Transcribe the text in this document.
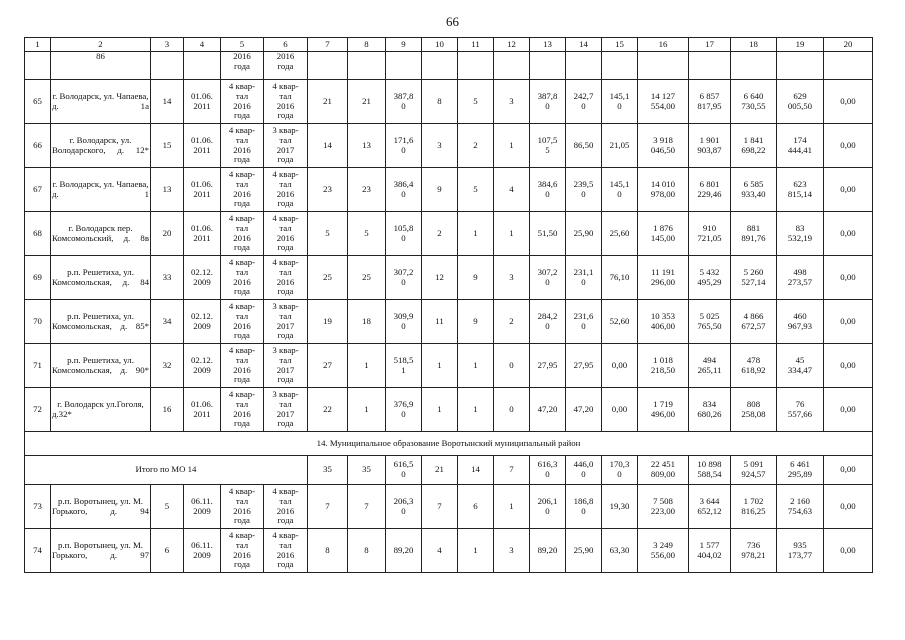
66
1	2	3	4	5	6	7	8	9	10	11	12	13	14	15	16	17	18	19	20
	86			2016
года	2016
года														
65	г. Володарск, ул. Чапаева, д. 1а	14	01.06.
2011	4 квар-
тал
2016
года	4 квар-
тал
2016
года	21	21	387,8
0	8	5	3	387,8
0	242,7
0	145,1
0	14 127
554,00	6 857
817,95	6 640
730,55	629
005,50	0,00
66	г. Володарск, ул. Володарского, д. 12*	15	01.06.
2011	4 квар-
тал
2016
года	3 квар-
тал
2017
года	14	13	171,6
0	3	2	1	107,5
5	86,50	21,05	3 918
046,50	1 901
903,87	1 841
698,22	174
444,41	0,00
67	г. Володарск, ул. Чапаева, д. 1	13	01.06.
2011	4 квар-
тал
2016
года	4 квар-
тал
2016
года	23	23	386,4
0	9	5	4	384,6
0	239,5
0	145,1
0	14 010
978,00	6 801
229,46	6 585
933,40	623
815,14	0,00
68	г. Володарск пер. Комсомольский, д. 8в	20	01.06.
2011	4 квар-
тал
2016
года	4 квар-
тал
2016
года	5	5	105,8
0	2	1	1	51,50	25,90	25,60	1 876
145,00	910
721,05	881
891,76	83
532,19	0,00
69	р.п. Решетиха, ул. Комсомольская, д. 84	33	02.12.
2009	4 квар-
тал
2016
года	4 квар-
тал
2016
года	25	25	307,2
0	12	9	3	307,2
0	231,1
0	76,10	11 191
296,00	5 432
495,29	5 260
527,14	498
273,57	0,00
70	р.п. Решетиха, ул. Комсомольская, д. 85*	34	02.12.
2009	4 квар-
тал
2016
года	3 квар-
тал
2017
года	19	18	309,9
0	11	9	2	284,2
0	231,6
0	52,60	10 353
406,00	5 025
765,50	4 866
672,57	460
967,93	0,00
71	р.п. Решетиха, ул. Комсомольская, д. 90*	32	02.12.
2009	4 квар-
тал
2016
года	3 квар-
тал
2017
года	27	1	518,5
1	1	1	0	27,95	27,95	0,00	1 018
218,50	494
265,11	478
618,92	45
334,47	0,00
72	г. Володарск ул.Гоголя, д.32*	16	01.06.
2011	4 квар-
тал
2016
года	3 квар-
тал
2017
года	22	1	376,9
0	1	1	0	47,20	47,20	0,00	1 719
496,00	834
680,26	808
258,08	76
557,66	0,00
14. Муниципальное образование Воротынский муниципальный район																			
Итого по МО 14						35	35	616,5
0	21	14	7	616,3
0	446,0
0	170,3
0	22 451
809,00	10 898
588,54	5 091
924,57	6 461
295,89	0,00
73	р.п. Воротынец, ул. М. Горького, д. 94	5	06.11.
2009	4 квар-
тал
2016
года	4 квар-
тал
2016
года	7	7	206,3
0	7	6	1	206,1
0	186,8
0	19,30	7 508
223,00	3 644
652,12	1 702
816,25	2 160
754,63	0,00
74	р.п. Воротынец, ул. М. Горького, д. 97	6	06.11.
2009	4 квар-
тал
2016
года	4 квар-
тал
2016
года	8	8	89,20	4	1	3	89,20	25,90	63,30	3 249
556,00	1 577
404,02	736
978,21	935
173,77	0,00
